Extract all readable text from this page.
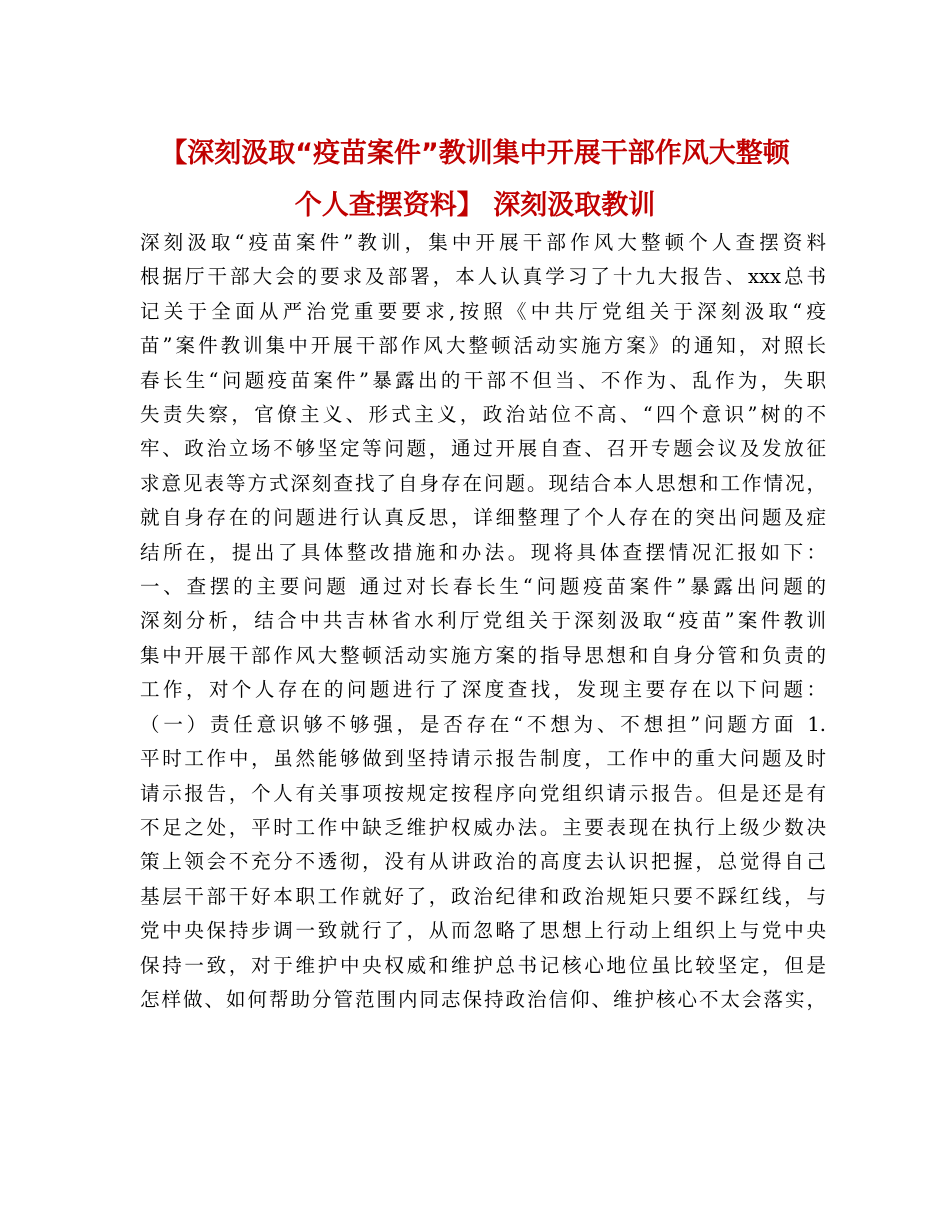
【深刻汲取“疫苗案件”教训集中开展干部作风大整顿
个人查摆资料】 深刻汲取教训
深刻汲取“疫苗案件”教训，集中开展干部作风大整顿个人查摆资料
根据厅干部大会的要求及部署，本人认真学习了十九大报告、xxx总书
记关于全面从严治党重要要求,按照《中共厅党组关于深刻汲取“疫
苗”案件教训集中开展干部作风大整顿活动实施方案》的通知，对照长
春长生“问题疫苗案件”暴露出的干部不但当、不作为、乱作为，失职
失责失察，官僚主义、形式主义，政治站位不高、“四个意识”树的不
牢、政治立场不够坚定等问题，通过开展自查、召开专题会议及发放征
求意见表等方式深刻查找了自身存在问题。现结合本人思想和工作情况，
就自身存在的问题进行认真反思，详细整理了个人存在的突出问题及症
结所在，提出了具体整改措施和办法。现将具体查摆情况汇报如下：
一、查摆的主要问题 通过对长春长生“问题疫苗案件”暴露出问题的
深刻分析，结合中共吉林省水利厅党组关于深刻汲取“疫苗”案件教训
集中开展干部作风大整顿活动实施方案的指导思想和自身分管和负责的
工作，对个人存在的问题进行了深度查找，发现主要存在以下问题：
（一）责任意识够不够强，是否存在“不想为、不想担”问题方面 1.
平时工作中，虽然能够做到坚持请示报告制度，工作中的重大问题及时
请示报告，个人有关事项按规定按程序向党组织请示报告。但是还是有
不足之处，平时工作中缺乏维护权威办法。主要表现在执行上级少数决
策上领会不充分不透彻，没有从讲政治的高度去认识把握，总觉得自己
基层干部干好本职工作就好了，政治纪律和政治规矩只要不踩红线，与
党中央保持步调一致就行了，从而忽略了思想上行动上组织上与党中央
保持一致，对于维护中央权威和维护总书记核心地位虽比较坚定，但是
怎样做、如何帮助分管范围内同志保持政治信仰、维护核心不太会落实，
